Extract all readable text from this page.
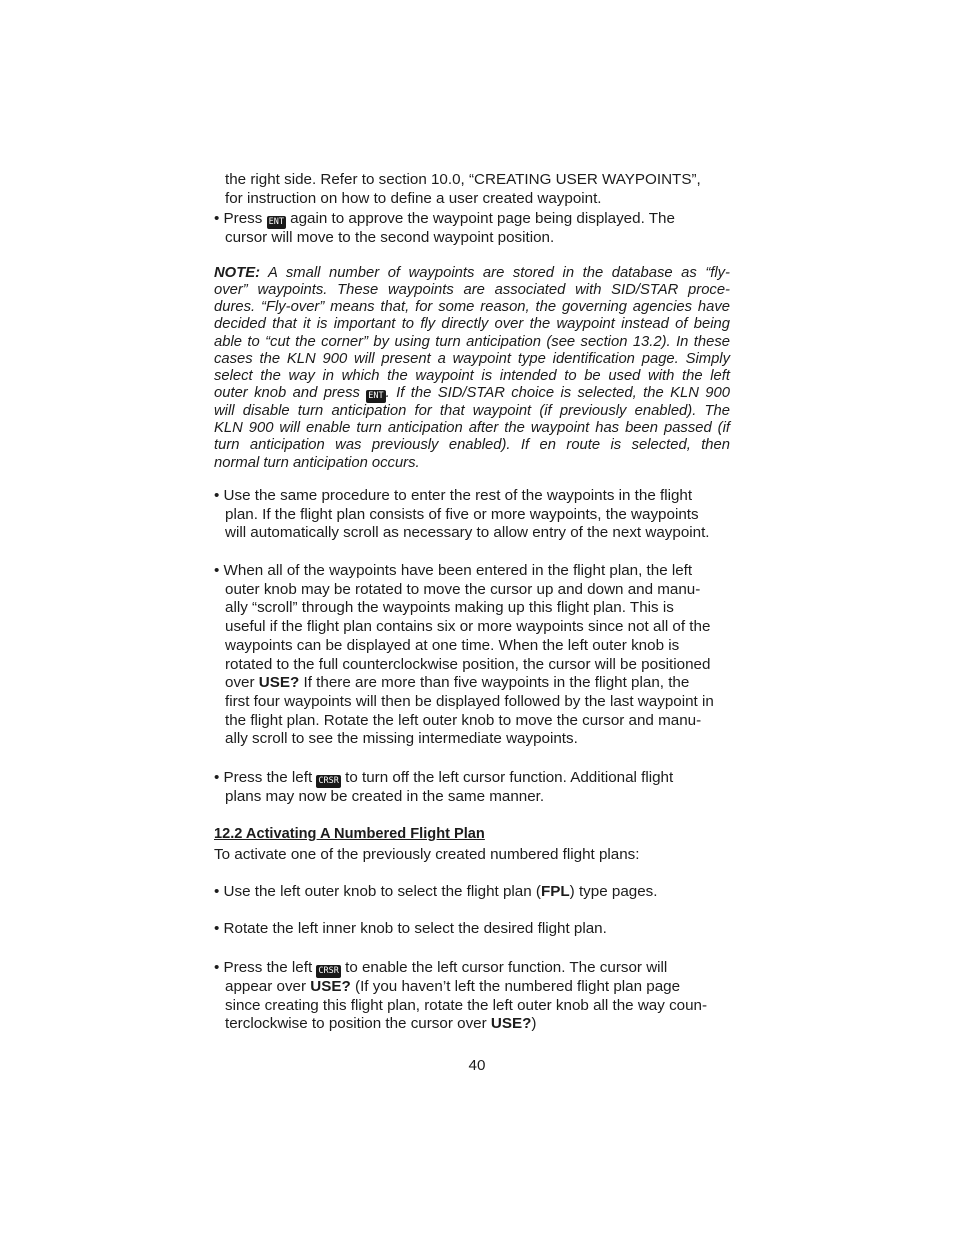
the right side. Refer to section 10.0, “CREATING USER WAYPOINTS”,
for instruction on how to define a user created waypoint.
• Press ENT again to approve the waypoint page being displayed. The
cursor will move to the second waypoint position.
NOTE: A small number of waypoints are stored in the database as “fly-
over” waypoints. These waypoints are associated with SID/STAR proce-
dures. “Fly-over” means that, for some reason, the governing agencies have
decided that it is important to fly directly over the waypoint instead of being
able to “cut the corner” by using turn anticipation (see section 13.2). In these
cases the KLN 900 will present a waypoint type identification page. Simply
select the way in which the waypoint is intended to be used with the left
outer knob and press ENT . If the SID/STAR choice is selected, the KLN 900
will disable turn anticipation for that waypoint (if previously enabled). The
KLN 900 will enable turn anticipation after the waypoint has been passed (if
turn anticipation was previously enabled). If en route is selected, then
normal turn anticipation occurs.
• Use the same procedure to enter the rest of the waypoints in the flight
plan. If the flight plan consists of five or more waypoints, the waypoints
will automatically scroll as necessary to allow entry of the next waypoint.
• When all of the waypoints have been entered in the flight plan, the left
outer knob may be rotated to move the cursor up and down and manu-
ally “scroll” through the waypoints making up this flight plan. This is
useful if the flight plan contains six or more waypoints since not all of the
waypoints can be displayed at one time. When the left outer knob is
rotated to the full counterclockwise position, the cursor will be positioned
over USE? If there are more than five waypoints in the flight plan, the
first four waypoints will then be displayed followed by the last waypoint in
the flight plan. Rotate the left outer knob to move the cursor and manu-
ally scroll to see the missing intermediate waypoints.
• Press the left CRSR to turn off the left cursor function. Additional flight
plans may now be created in the same manner.
12.2 Activating A Numbered Flight Plan
To activate one of the previously created numbered flight plans:
• Use the left outer knob to select the flight plan (FPL) type pages.
• Rotate the left inner knob to select the desired flight plan.
• Press the left CRSR to enable the left cursor function. The cursor will
appear over USE? (If you haven’t left the numbered flight plan page
since creating this flight plan, rotate the left outer knob all the way coun-
terclockwise to position the cursor over USE?)
40
